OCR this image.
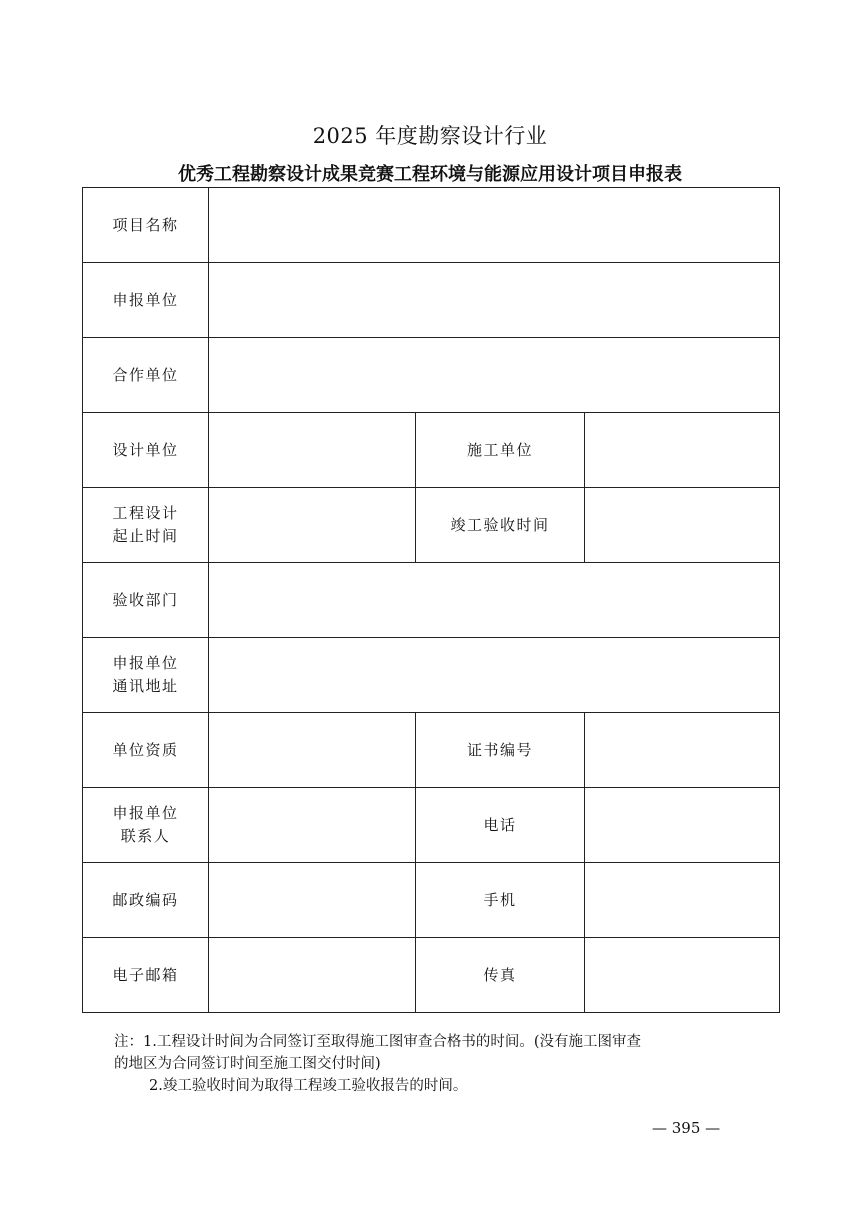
2025 年度勘察设计行业
优秀工程勘察设计成果竞赛工程环境与能源应用设计项目申报表
项目名称			
申报单位			
合作单位			
设计单位		施工单位	

工程设计
起止时间		竣工验收时间	
验收部门			

申报单位
通讯地址			

单位资质		证书编号	

申报单位
联系人		电话	
邮政编码		手机	
电子邮箱		传真	
注：1.工程设计时间为合同签订至取得施工图审查合格书的时间。(没有施工图审查
的地区为合同签订时间至施工图交付时间)
2.竣工验收时间为取得工程竣工验收报告的时间。
— 395 —
